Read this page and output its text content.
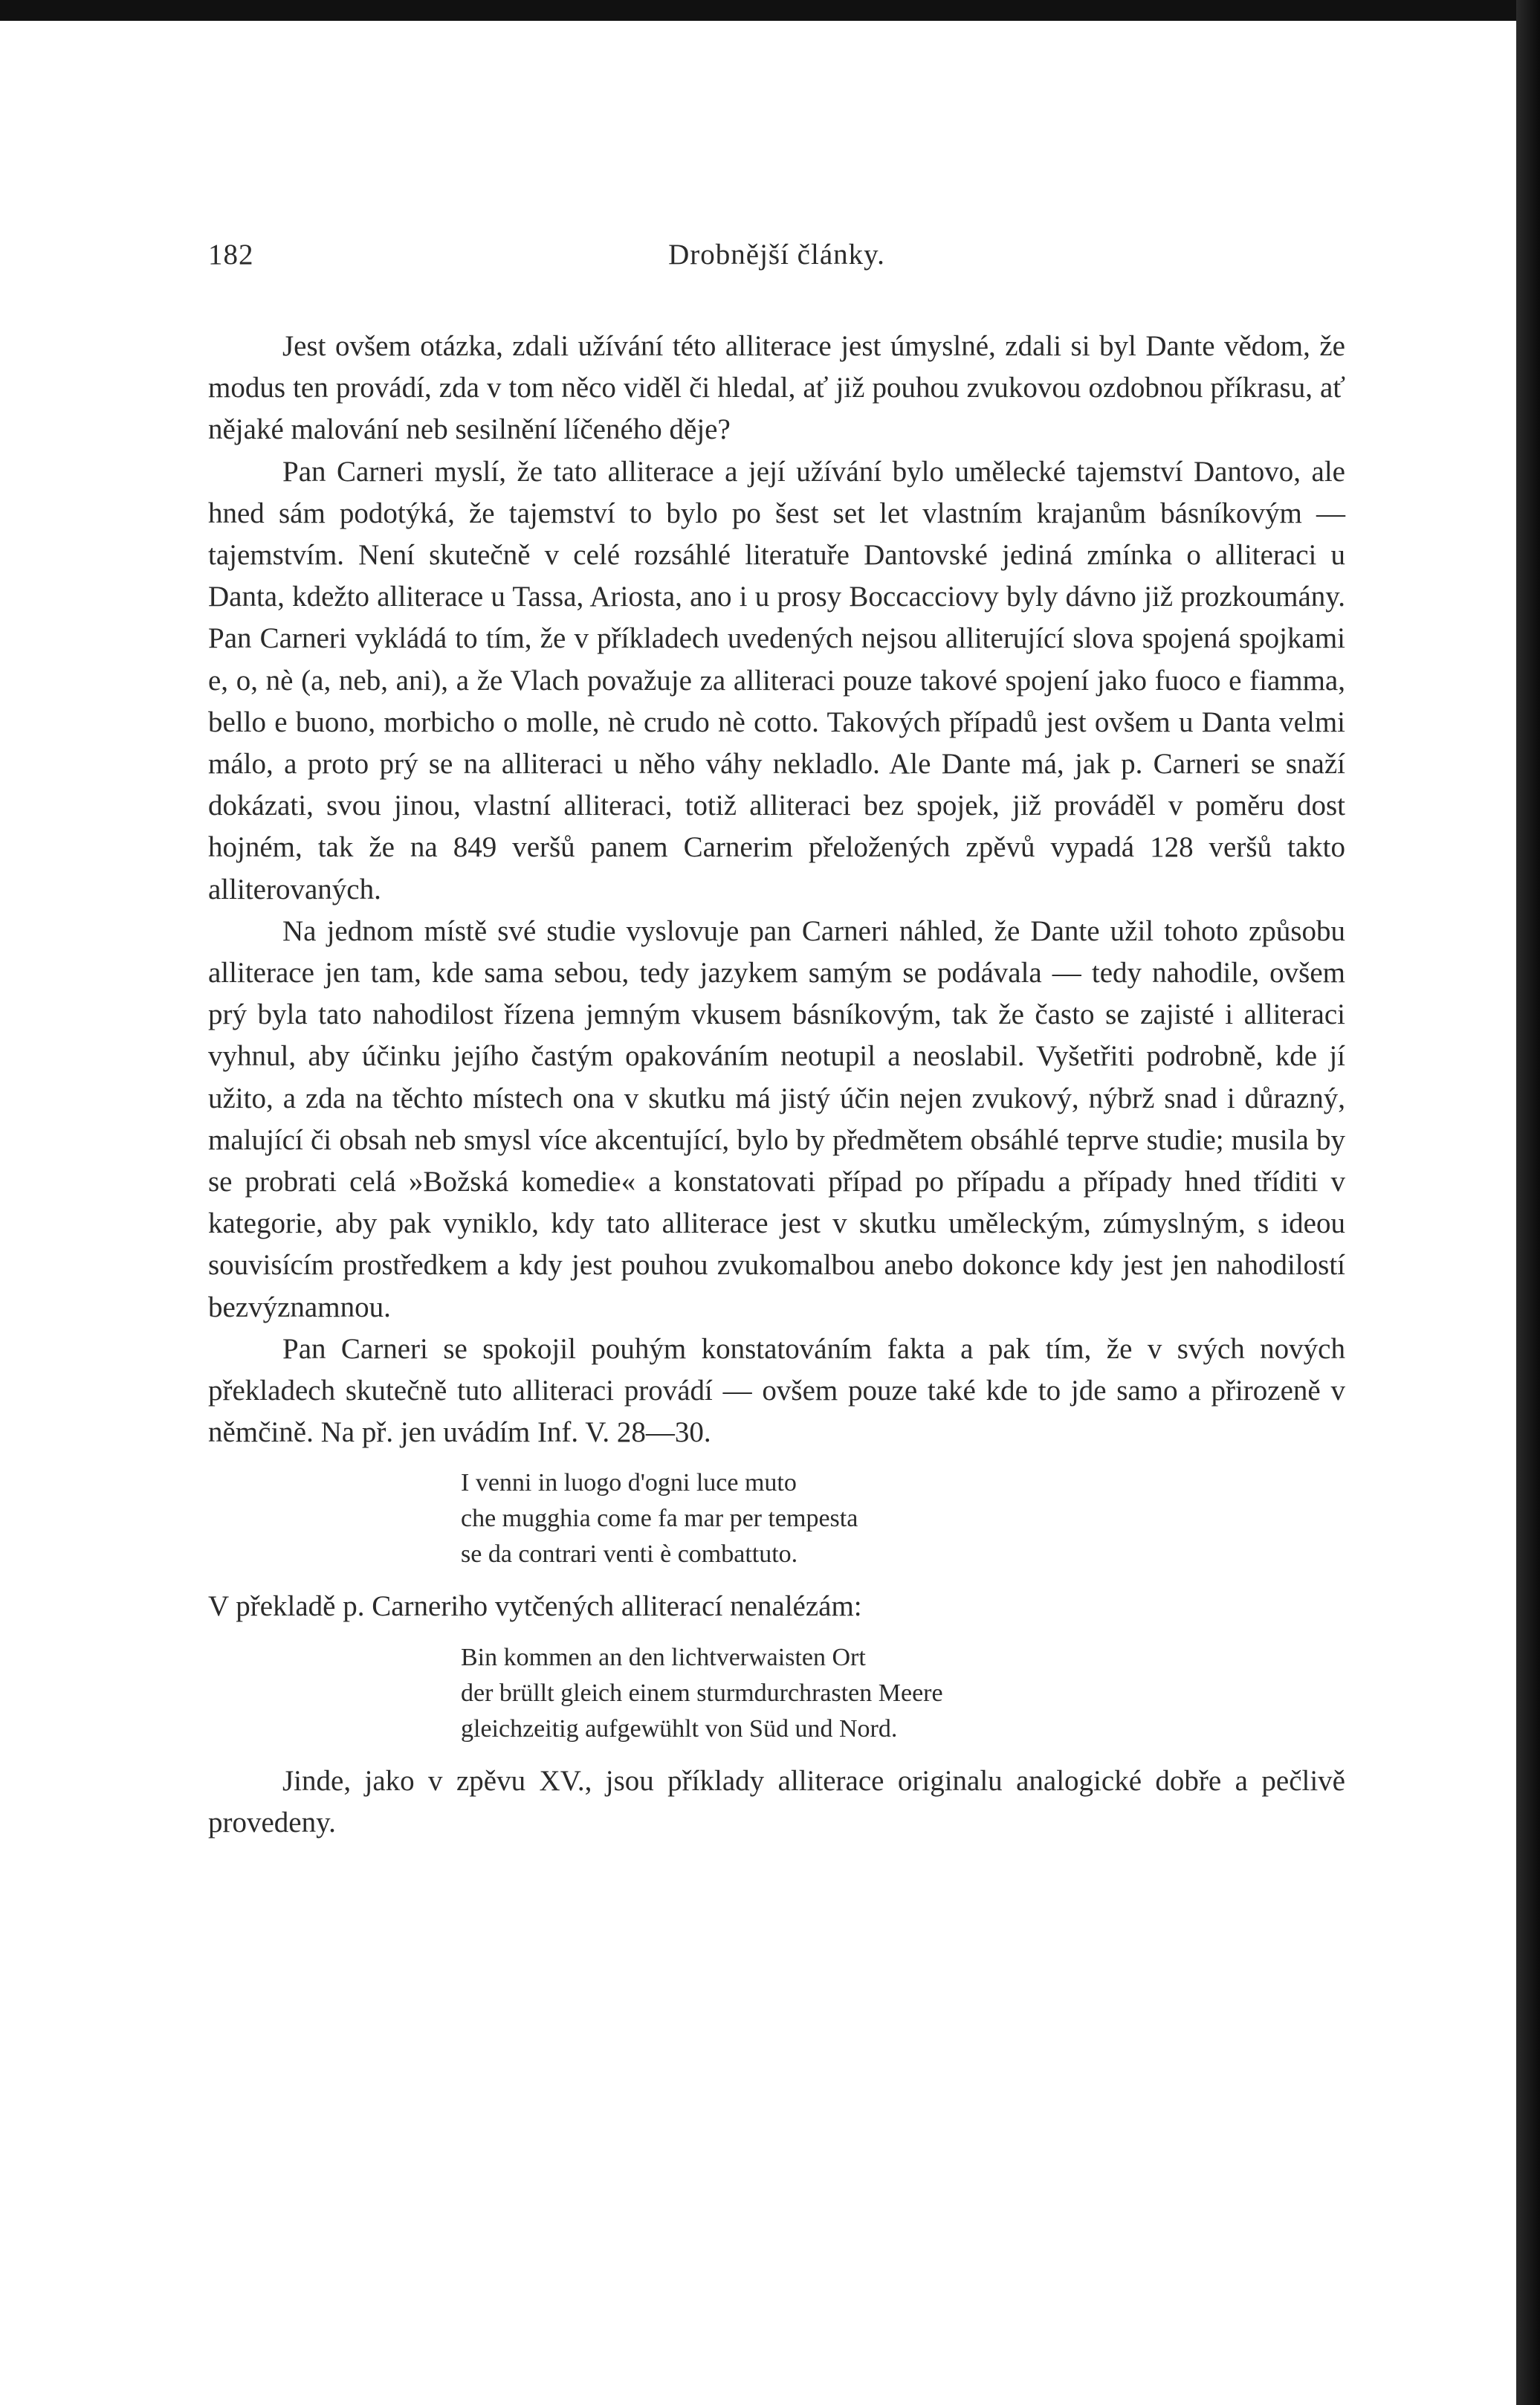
182	Drobnější články.

Jest ovšem otázka, zdali užívání této alliterace jest úmyslné, zdali si byl Dante vědom, že modus ten provádí, zda v tom něco viděl či hledal, ať již pouhou zvukovou ozdobnou příkrasu, ať nějaké malování neb sesilnění líčeného děje?

Pan Carneri myslí, že tato alliterace a její užívání bylo umělecké tajemství Dantovo, ale hned sám podotýká, že tajemství to bylo po šest set let vlastním krajanům básníkovým — tajemstvím. Není skutečně v celé rozsáhlé literatuře Dantovské jediná zmínka o alliteraci u Danta, kdežto alliterace u Tassa, Ariosta, ano i u prosy Boccacciovy byly dávno již prozkoumány. Pan Carneri vykládá to tím, že v příkladech uvedených nejsou alliterující slova spojená spojkami e, o, nè (a, neb, ani), a že Vlach považuje za alliteraci pouze takové spojení jako fuoco e fiamma, bello e buono, morbicho o molle, nè crudo nè cotto. Takových případů jest ovšem u Danta velmi málo, a proto prý se na alliteraci u něho váhy nekladlo. Ale Dante má, jak p. Carneri se snaží dokázati, svou jinou, vlastní alliteraci, totiž alliteraci bez spojek, již prováděl v poměru dost hojném, tak že na 849 veršů panem Carnerim přeložených zpěvů vypadá 128 veršů takto alliterovaných.

Na jednom místě své studie vyslovuje pan Carneri náhled, že Dante užil tohoto způsobu alliterace jen tam, kde sama sebou, tedy jazykem samým se podávala — tedy nahodile, ovšem prý byla tato nahodilost řízena jemným vkusem básníkovým, tak že často se zajisté i alliteraci vyhnul, aby účinku jejího častým opakováním neotupil a neoslabil. Vyšetřiti podrobně, kde jí užito, a zda na těchto místech ona v skutku má jistý účin nejen zvukový, nýbrž snad i důrazný, malující či obsah neb smysl více akcentující, bylo by předmětem obsáhlé teprve studie; musila by se probrati celá »Božská komedie« a konstatovati případ po případu a případy hned tříditi v kategorie, aby pak vyniklo, kdy tato alliterace jest v skutku uměleckým, zúmyslným, s ideou souvisícím prostředkem a kdy jest pouhou zvukomalbou anebo dokonce kdy jest jen nahodilostí bezvýznamnou.

Pan Carneri se spokojil pouhým konstatováním fakta a pak tím, že v svých nových překladech skutečně tuto alliteraci provádí — ovšem pouze také kde to jde samo a přirozeně v němčině. Na př. jen uvádím Inf. V. 28—30.

I venni in luogo d'ogni luce muto
che mugghia come fa mar per tempesta
se da contrari venti è combattuto.

V překladě p. Carneriho vytčených alliterací nenalézám:

Bin kommen an den lichtverwaisten Ort
der brüllt gleich einem sturmdurchrasten Meere
gleichzeitig aufgewühlt von Süd und Nord.

Jinde, jako v zpěvu XV., jsou příklady alliterace originalu analogické dobře a pečlivě provedeny.
